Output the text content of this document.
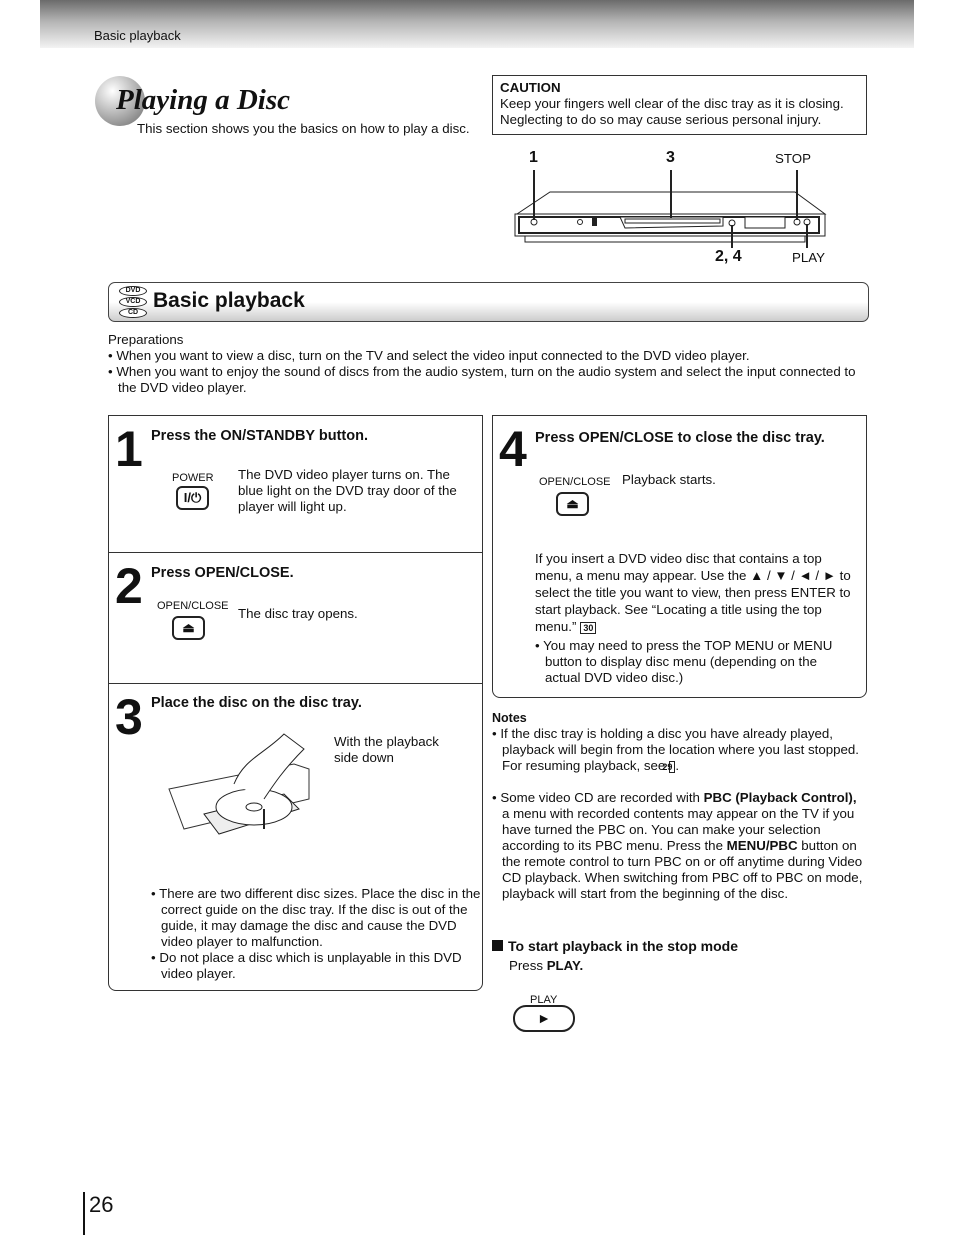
Basic playback
Playing a Disc
This section shows you the basics on how to play a disc.
CAUTION
Keep your fingers well clear of the disc tray as it is closing. Neglecting to do so may cause serious personal injury.
1	3	STOP
2, 4	PLAY
DVD
VCD
CD
Basic playback
Preparations
• When you want to view a disc, turn on the TV and select the video input connected to the DVD video player.
• When you want to enjoy the sound of discs from the audio system, turn on the audio system and select the input connected to the DVD video player.
1 Press the ON/STANDBY button.
POWER
I/⏻
The DVD video player turns on. The blue light on the DVD tray door of the player will light up.
2 Press OPEN/CLOSE.
OPEN/CLOSE
⏏
The disc tray opens.
3 Place the disc on the disc tray.
With the playback side down
• There are two different disc sizes. Place the disc in the correct guide on the disc tray. If the disc is out of the guide, it may damage the disc and cause the DVD video player to malfunction.
• Do not place a disc which is unplayable in this DVD video player.
4 Press OPEN/CLOSE to close the disc tray.
OPEN/CLOSE
⏏
Playback starts.
If you insert a DVD video disc that contains a top menu, a menu may appear. Use the ▲ / ▼ / ◄ / ► to select the title you want to view, then press ENTER to start playback. See “Locating a title using the top menu.” 30
• You may need to press the TOP MENU or MENU button to display disc menu (depending on the actual DVD video disc.)
Notes
• If the disc tray is holding a disc you have already played, playback will begin from the location where you last stopped. For resuming playback, see29 .
• Some video CD are recorded with PBC (Playback Control), a menu with recorded contents may appear on the TV if you have turned the PBC on. You can make your selection according to its PBC menu. Press the MENU/PBC button on the remote control to turn PBC on or off anytime during Video CD playback. When switching from PBC off to PBC on mode, playback will start from the beginning of the disc.
To start playback in the stop mode
Press PLAY.
PLAY
►
26
